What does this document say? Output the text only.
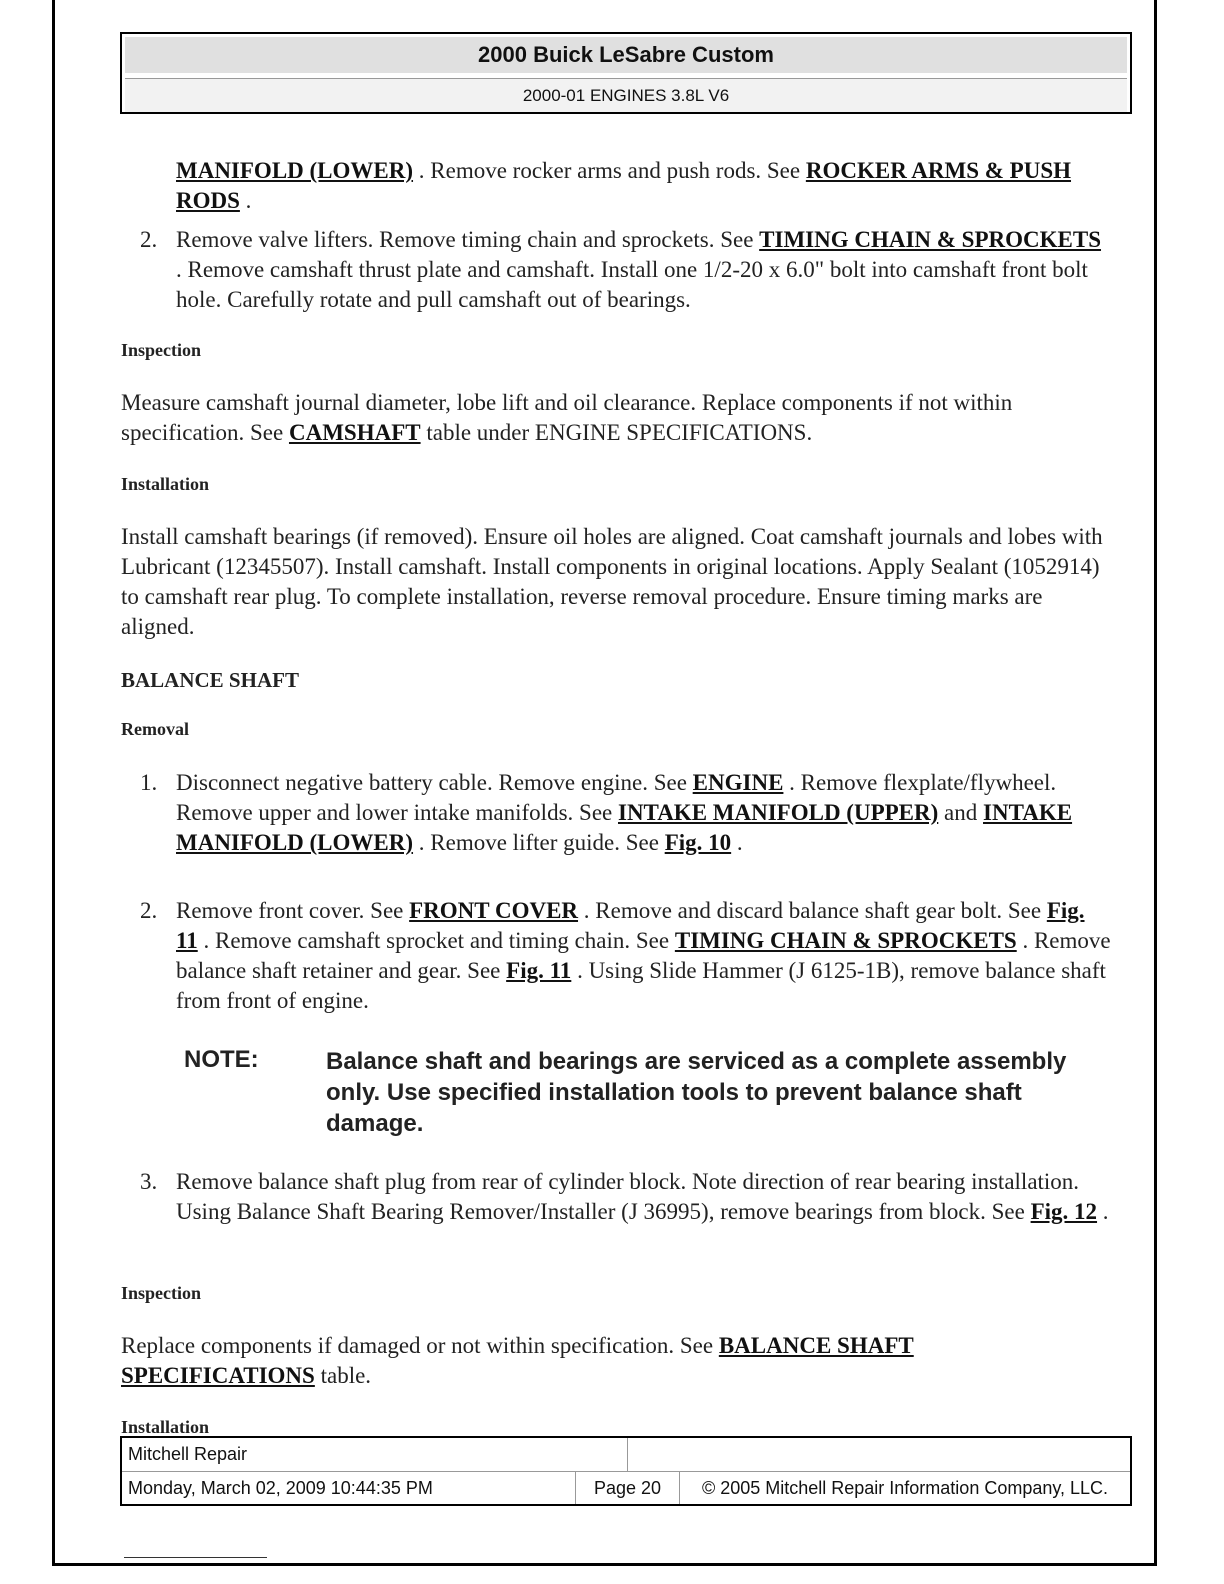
2000 Buick LeSabre Custom
2000-01 ENGINES 3.8L V6
MANIFOLD (LOWER) . Remove rocker arms and push rods. See ROCKER ARMS & PUSH RODS .
2. Remove valve lifters. Remove timing chain and sprockets. See TIMING CHAIN & SPROCKETS . Remove camshaft thrust plate and camshaft. Install one 1/2-20 x 6.0" bolt into camshaft front bolt hole. Carefully rotate and pull camshaft out of bearings.
Inspection
Measure camshaft journal diameter, lobe lift and oil clearance. Replace components if not within specification. See CAMSHAFT table under ENGINE SPECIFICATIONS.
Installation
Install camshaft bearings (if removed). Ensure oil holes are aligned. Coat camshaft journals and lobes with Lubricant (12345507). Install camshaft. Install components in original locations. Apply Sealant (1052914) to camshaft rear plug. To complete installation, reverse removal procedure. Ensure timing marks are aligned.
BALANCE SHAFT
Removal
1. Disconnect negative battery cable. Remove engine. See ENGINE . Remove flexplate/flywheel. Remove upper and lower intake manifolds. See INTAKE MANIFOLD (UPPER) and INTAKE MANIFOLD (LOWER) . Remove lifter guide. See Fig. 10 .
2. Remove front cover. See FRONT COVER . Remove and discard balance shaft gear bolt. See Fig. 11 . Remove camshaft sprocket and timing chain. See TIMING CHAIN & SPROCKETS . Remove balance shaft retainer and gear. See Fig. 11 . Using Slide Hammer (J 6125-1B), remove balance shaft from front of engine.
NOTE:	Balance shaft and bearings are serviced as a complete assembly only. Use specified installation tools to prevent balance shaft damage.
3. Remove balance shaft plug from rear of cylinder block. Note direction of rear bearing installation. Using Balance Shaft Bearing Remover/Installer (J 36995), remove bearings from block. See Fig. 12 .
Inspection
Replace components if damaged or not within specification. See BALANCE SHAFT SPECIFICATIONS table.
Installation
Mitchell Repair
Monday, March 02, 2009 10:44:35 PM	Page 20	© 2005 Mitchell Repair Information Company, LLC.
